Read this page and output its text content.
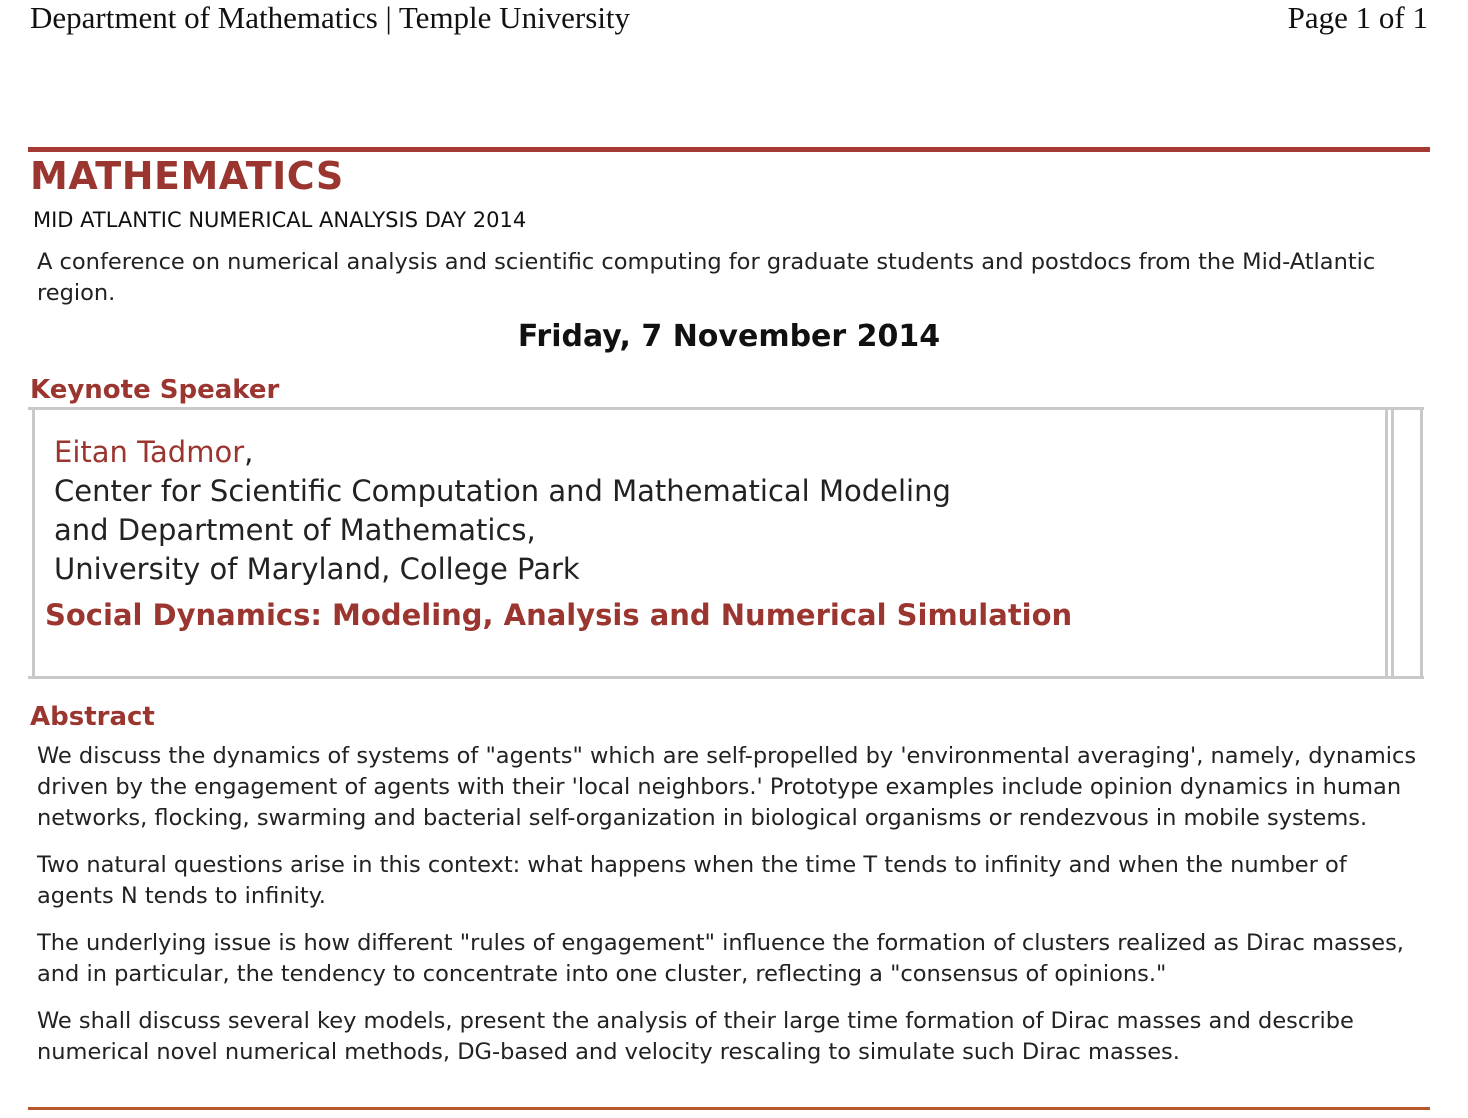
Department of Mathematics | Temple University	Page 1 of 1
MATHEMATICS
MID ATLANTIC NUMERICAL ANALYSIS DAY 2014
A conference on numerical analysis and scientific computing for graduate students and postdocs from the Mid-Atlantic region.
Friday, 7 November 2014
Keynote Speaker
Eitan Tadmor,
Center for Scientific Computation and Mathematical Modeling
and Department of Mathematics,
University of Maryland, College Park
Social Dynamics: Modeling, Analysis and Numerical Simulation
Abstract

We discuss the dynamics of systems of "agents" which are self-propelled by 'environmental averaging', namely, dynamics driven by the engagement of agents with their 'local neighbors.' Prototype examples include opinion dynamics in human networks, flocking, swarming and bacterial self-organization in biological organisms or rendezvous in mobile systems.

Two natural questions arise in this context: what happens when the time T tends to infinity and when the number of agents N tends to infinity.

The underlying issue is how different "rules of engagement" influence the formation of clusters realized as Dirac masses, and in particular, the tendency to concentrate into one cluster, reflecting a "consensus of opinions."

We shall discuss several key models, present the analysis of their large time formation of Dirac masses and describe numerical novel numerical methods, DG-based and velocity rescaling to simulate such Dirac masses.
